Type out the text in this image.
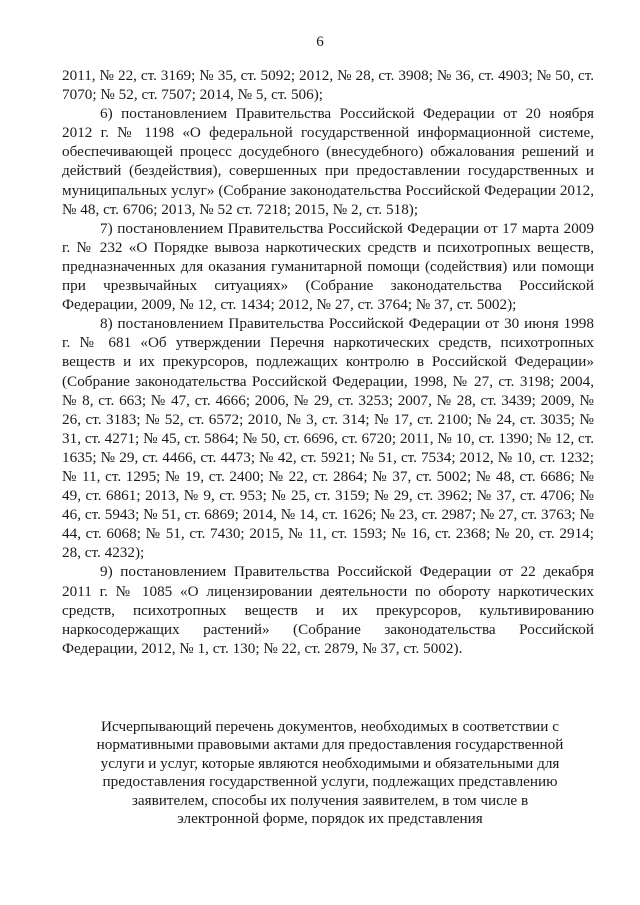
6

2011, № 22, ст. 3169; № 35, ст. 5092; 2012, № 28, ст. 3908; № 36, ст. 4903; № 50, ст. 7070; № 52, ст. 7507; 2014, № 5, ст. 506);

6) постановлением Правительства Российской Федерации от 20 ноября 2012 г. № 1198 «О федеральной государственной информационной системе, обеспечивающей процесс досудебного (внесудебного) обжалования решений и действий (бездействия), совершенных при предоставлении государственных и муниципальных услуг» (Собрание законодательства Российской Федерации 2012, № 48, ст. 6706; 2013, № 52 ст. 7218; 2015, № 2, ст. 518);

7) постановлением Правительства Российской Федерации от 17 марта 2009 г. № 232 «О Порядке вывоза наркотических средств и психотропных веществ, предназначенных для оказания гуманитарной помощи (содействия) или помощи при чрезвычайных ситуациях» (Собрание законодательства Российской Федерации, 2009, № 12, ст. 1434; 2012, № 27, ст. 3764; № 37, ст. 5002);

8) постановлением Правительства Российской Федерации от 30 июня 1998 г. № 681 «Об утверждении Перечня наркотических средств, психотропных веществ и их прекурсоров, подлежащих контролю в Российской Федерации» (Собрание законодательства Российской Федерации, 1998, № 27, ст. 3198; 2004, № 8, ст. 663; № 47, ст. 4666; 2006, № 29, ст. 3253; 2007, № 28, ст. 3439; 2009, № 26, ст. 3183; № 52, ст. 6572; 2010, № 3, ст. 314; № 17, ст. 2100; № 24, ст. 3035; № 31, ст. 4271; № 45, ст. 5864; № 50, ст. 6696, ст. 6720; 2011, № 10, ст. 1390; № 12, ст. 1635; № 29, ст. 4466, ст. 4473; № 42, ст. 5921; № 51, ст. 7534; 2012, № 10, ст. 1232; № 11, ст. 1295; № 19, ст. 2400; № 22, ст. 2864; № 37, ст. 5002; № 48, ст. 6686; № 49, ст. 6861; 2013, № 9, ст. 953; № 25, ст. 3159; № 29, ст. 3962; № 37, ст. 4706; № 46, ст. 5943; № 51, ст. 6869; 2014, № 14, ст. 1626; № 23, ст. 2987; № 27, ст. 3763; № 44, ст. 6068; № 51, ст. 7430; 2015, № 11, ст. 1593; № 16, ст. 2368; № 20, ст. 2914; 28, ст. 4232);

9) постановлением Правительства Российской Федерации от 22 декабря 2011 г. № 1085 «О лицензировании деятельности по обороту наркотических средств, психотропных веществ и их прекурсоров, культивированию наркосодержащих растений» (Собрание законодательства Российской Федерации, 2012, № 1, ст. 130; № 22, ст. 2879, № 37, ст. 5002).

Исчерпывающий перечень документов, необходимых в соответствии с нормативными правовыми актами для предоставления государственной услуги и услуг, которые являются необходимыми и обязательными для предоставления государственной услуги, подлежащих представлению заявителем, способы их получения заявителем, в том числе в электронной форме, порядок их представления
